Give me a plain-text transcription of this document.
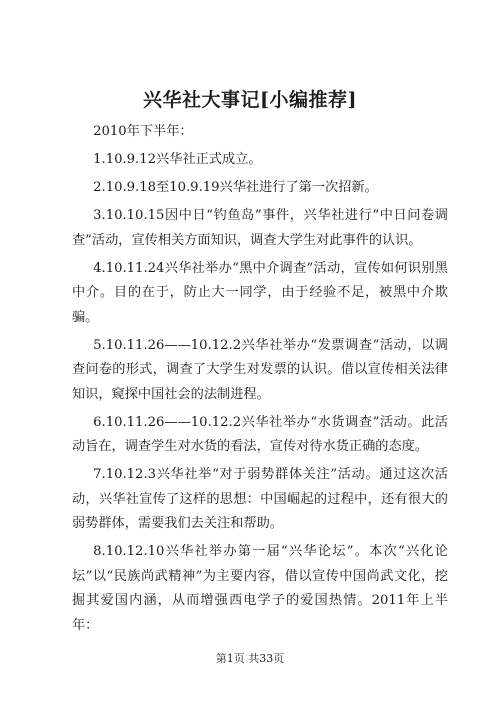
兴华社大事记[小编推荐]

2010年下半年：

1.10.9.12兴华社正式成立。

2.10.9.18至10.9.19兴华社进行了第一次招新。

3.10.10.15因中日“钓鱼岛”事件，兴华社进行“中日问卷调查”活动，宣传相关方面知识，调查大学生对此事件的认识。

4.10.11.24兴华社举办“黑中介调查”活动，宣传如何识别黑中介。目的在于，防止大一同学，由于经验不足，被黑中介欺骗。

5.10.11.26——10.12.2兴华社举办“发票调查”活动，以调查问卷的形式，调查了大学生对发票的认识。借以宣传相关法律知识，窥探中国社会的法制进程。

6.10.11.26——10.12.2兴华社举办“水货调查”活动。此活动旨在，调查学生对水货的看法，宣传对待水货正确的态度。

7.10.12.3兴华社举“对于弱势群体关注”活动。通过这次活动，兴华社宣传了这样的思想：中国崛起的过程中，还有很大的弱势群体，需要我们去关注和帮助。

8.10.12.10兴华社举办第一届“兴华论坛”。本次“兴化论坛”以“民族尚武精神”为主要内容，借以宣传中国尚武文化，挖掘其爱国内涵，从而增强西电学子的爱国热情。2011年上半年：

第1页 共33页
